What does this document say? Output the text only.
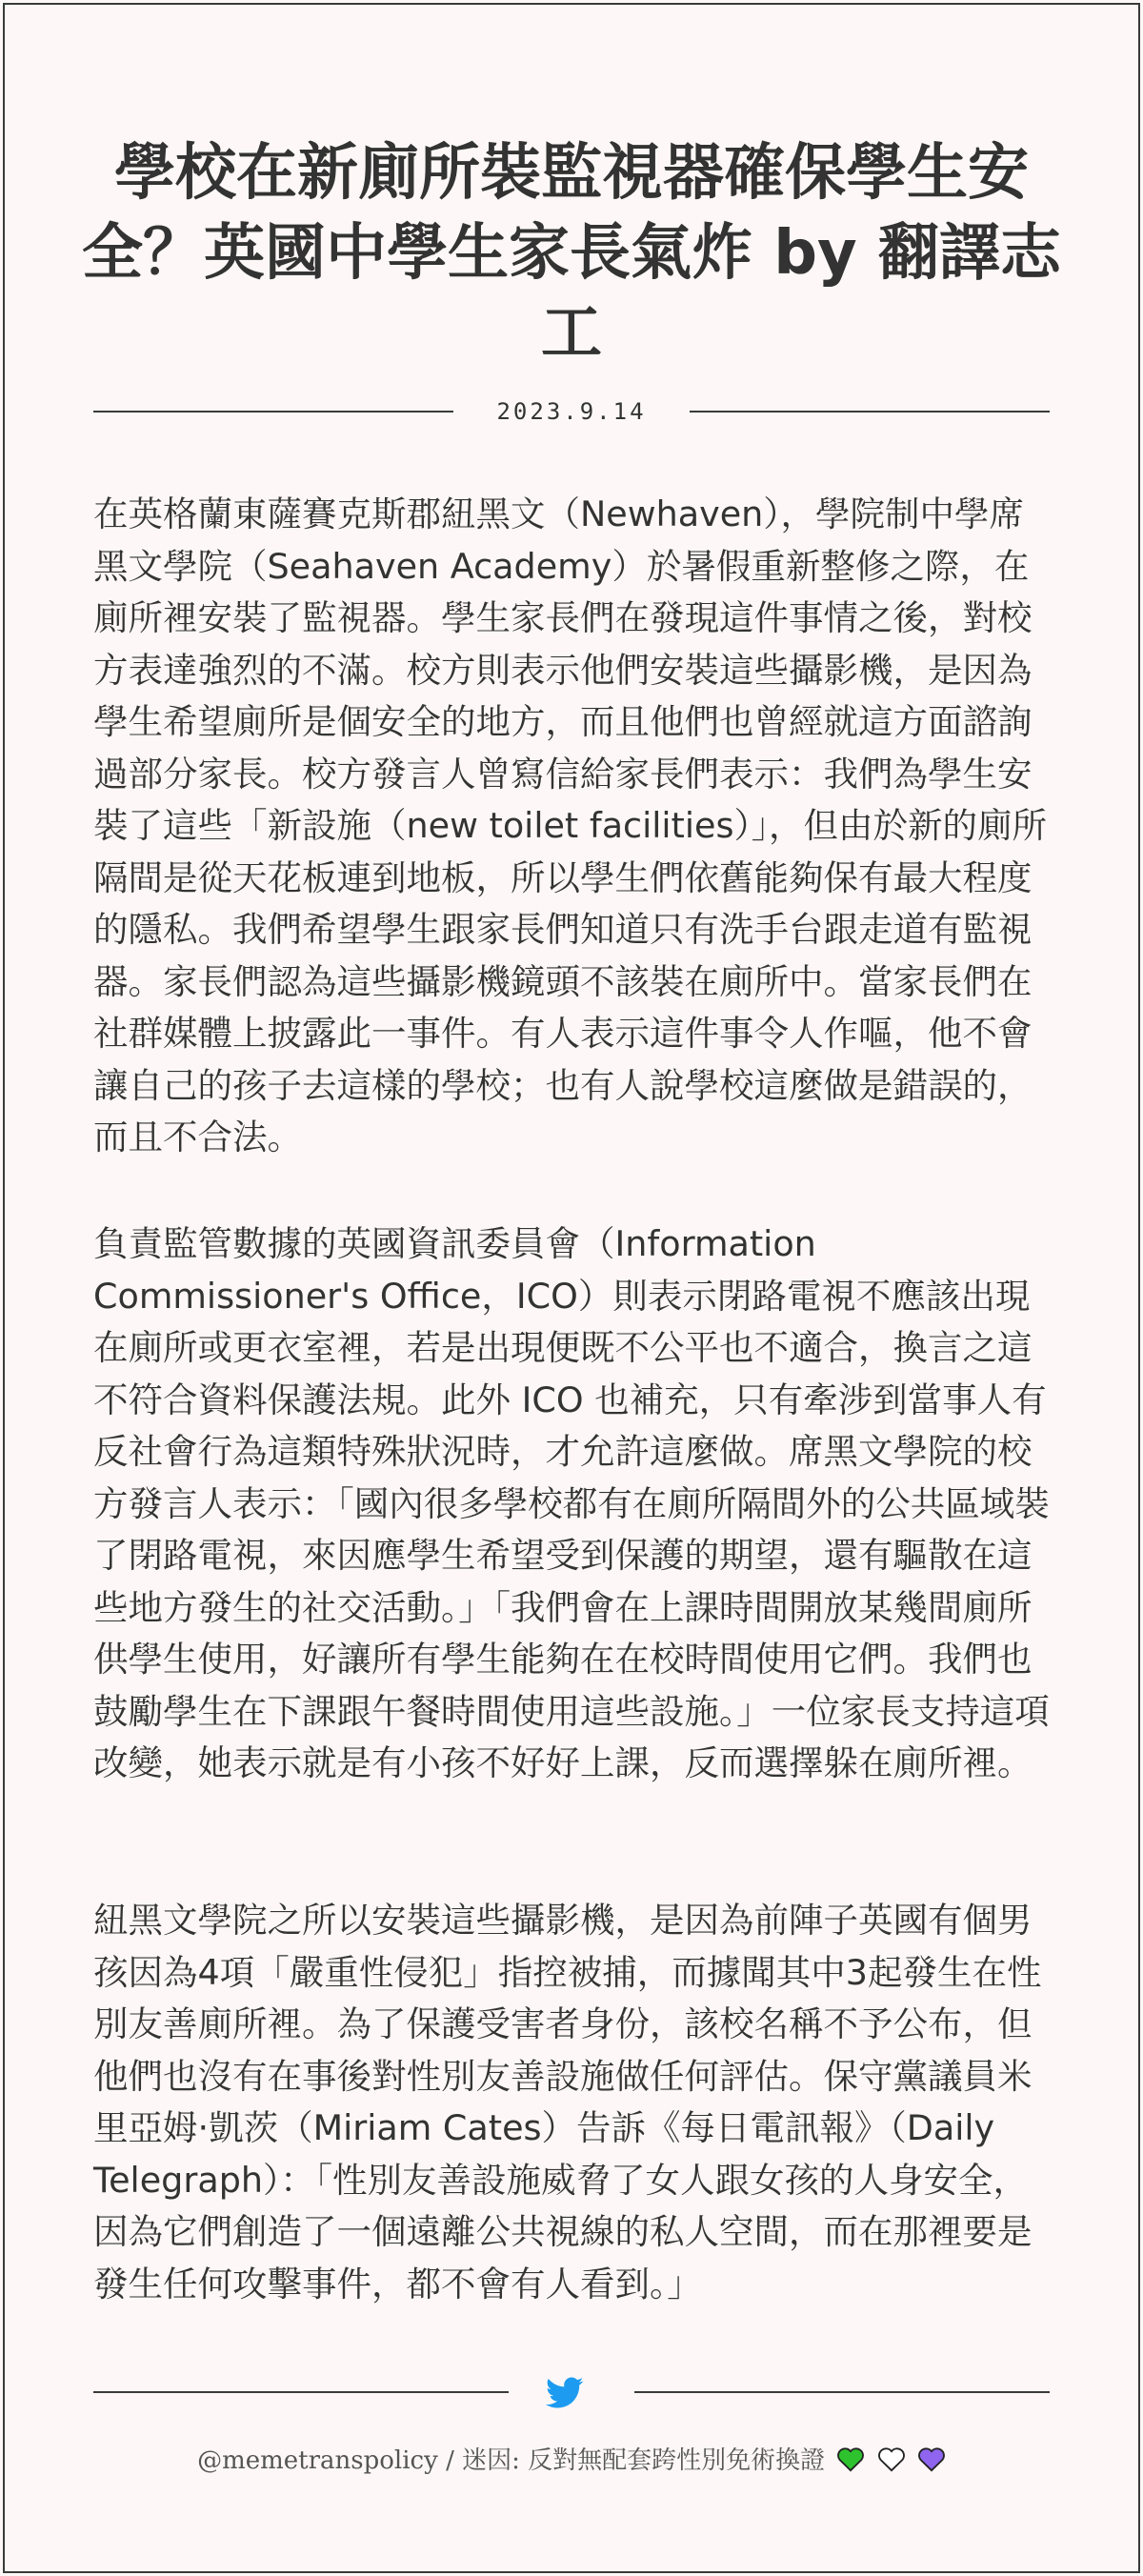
學校在新廁所裝監視器確保學生安全？英國中學生家長氣炸 by 翻譯志工
2023.9.14

在英格蘭東薩賽克斯郡紐黑文（Newhaven），學院制中學席黑文學院（Seahaven Academy）於暑假重新整修之際，在廁所裡安裝了監視器。學生家長們在發現這件事情之後，對校方表達強烈的不滿。校方則表示他們安裝這些攝影機，是因為學生希望廁所是個安全的地方，而且他們也曾經就這方面諮詢過部分家長。校方發言人曾寫信給家長們表示：我們為學生安裝了這些「新設施（new toilet facilities）」，但由於新的廁所隔間是從天花板連到地板，所以學生們依舊能夠保有最大程度的隱私。我們希望學生跟家長們知道只有洗手台跟走道有監視器。家長們認為這些攝影機鏡頭不該裝在廁所中。當家長們在社群媒體上披露此一事件。有人表示這件事令人作嘔，他不會讓自己的孩子去這樣的學校；也有人說學校這麼做是錯誤的，而且不合法。

負責監管數據的英國資訊委員會（Information Commissioner's Office，ICO）則表示閉路電視不應該出現在廁所或更衣室裡，若是出現便既不公平也不適合，換言之這不符合資料保護法規。此外 ICO 也補充，只有牽涉到當事人有反社會行為這類特殊狀況時，才允許這麼做。席黑文學院的校方發言人表示：「國內很多學校都有在廁所隔間外的公共區域裝了閉路電視，來因應學生希望受到保護的期望，還有驅散在這些地方發生的社交活動。」「我們會在上課時間開放某幾間廁所供學生使用，好讓所有學生能夠在在校時間使用它們。我們也鼓勵學生在下課跟午餐時間使用這些設施。」一位家長支持這項改變，她表示就是有小孩不好好上課，反而選擇躲在廁所裡。

紐黑文學院之所以安裝這些攝影機，是因為前陣子英國有個男孩因為4項「嚴重性侵犯」指控被捕，而據聞其中3起發生在性別友善廁所裡。為了保護受害者身份，該校名稱不予公布，但他們也沒有在事後對性別友善設施做任何評估。保守黨議員米里亞姆·凱茨（Miriam Cates）告訴《每日電訊報》（Daily Telegraph）：「性別友善設施威脅了女人跟女孩的人身安全，因為它們創造了一個遠離公共視線的私人空間，而在那裡要是發生任何攻擊事件，都不會有人看到。」

@memetranspolicy / 迷因: 反對無配套跨性別免術換證
